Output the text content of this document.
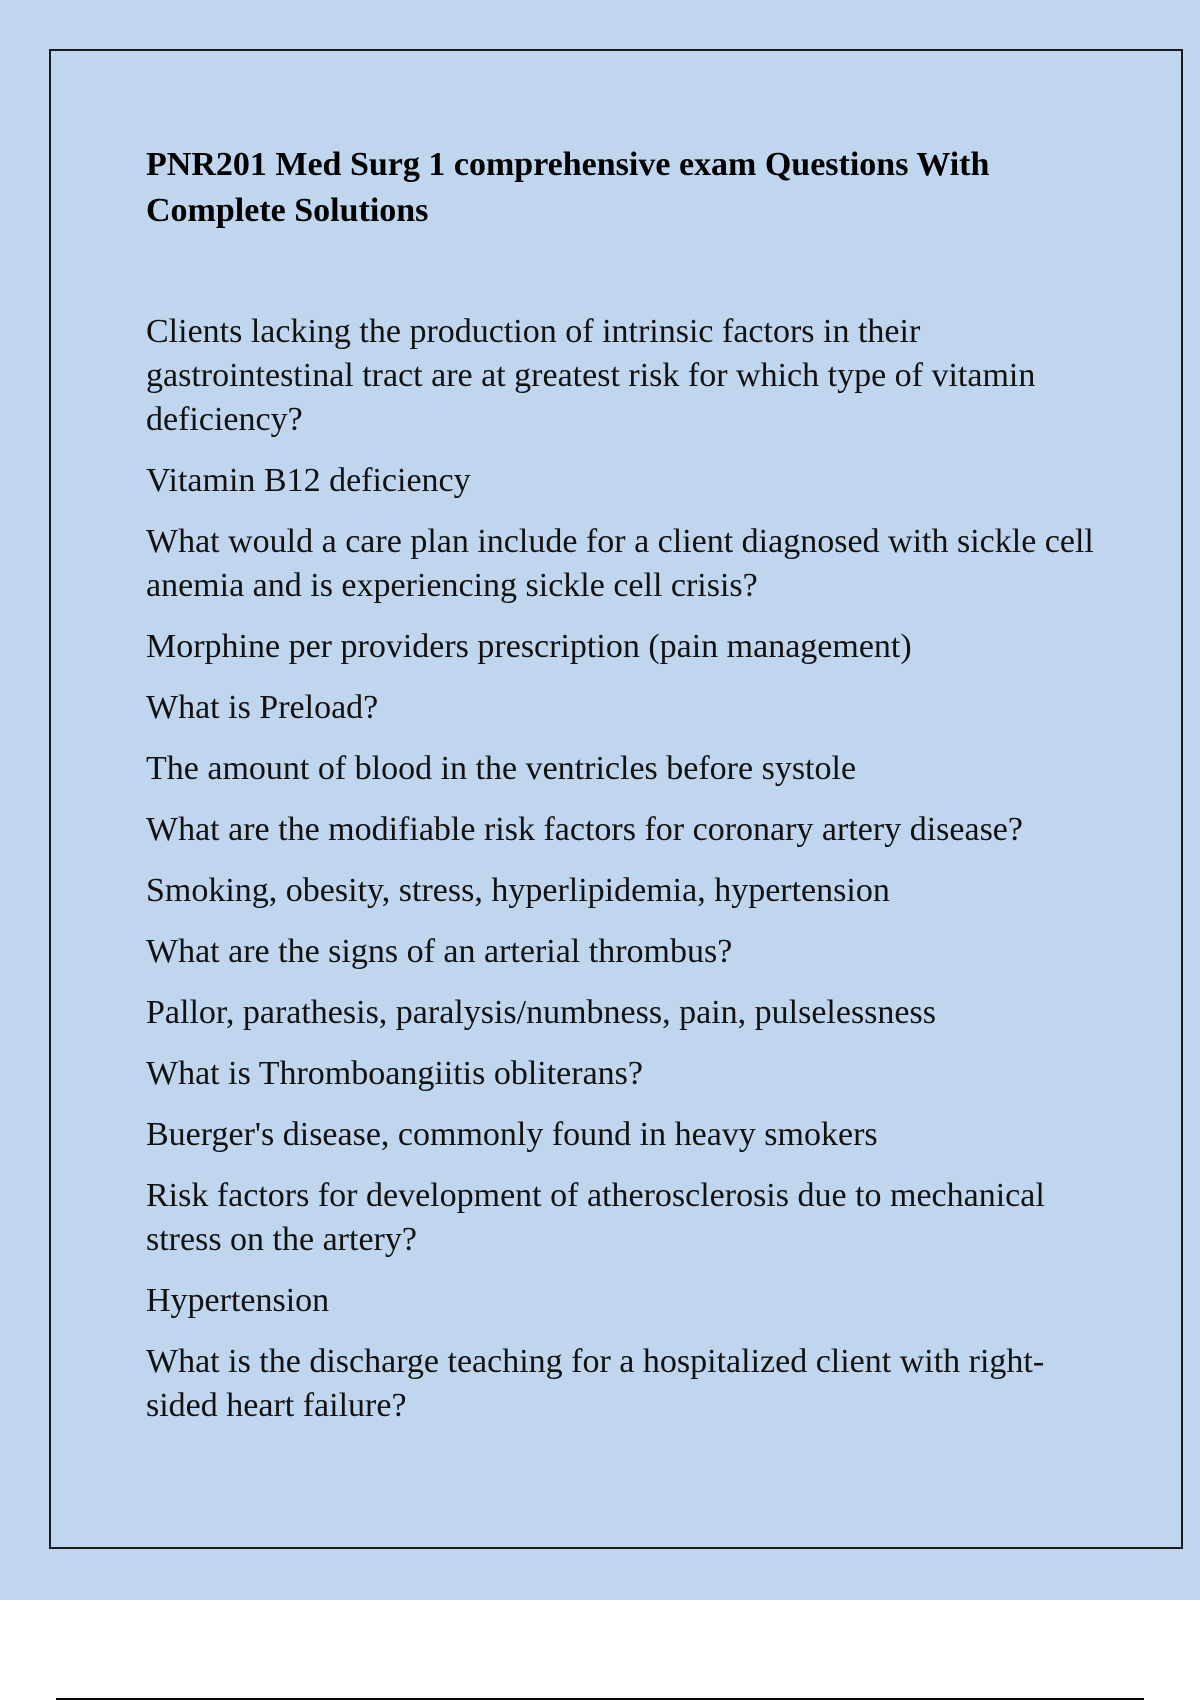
PNR201 Med Surg 1 comprehensive exam Questions With Complete Solutions
Clients lacking the production of intrinsic factors in their gastrointestinal tract are at greatest risk for which type of vitamin deficiency?
Vitamin B12 deficiency
What would a care plan include for a client diagnosed with sickle cell anemia and is experiencing sickle cell crisis?
Morphine per providers prescription (pain management)
What is Preload?
The amount of blood in the ventricles before systole
What are the modifiable risk factors for coronary artery disease?
Smoking, obesity, stress, hyperlipidemia, hypertension
What are the signs of an arterial thrombus?
Pallor, parathesis, paralysis/numbness, pain, pulselessness
What is Thromboangiitis obliterans?
Buerger's disease, commonly found in heavy smokers
Risk factors for development of atherosclerosis due to mechanical stress on the artery?
Hypertension
What is the discharge teaching for a hospitalized client with right-sided heart failure?
